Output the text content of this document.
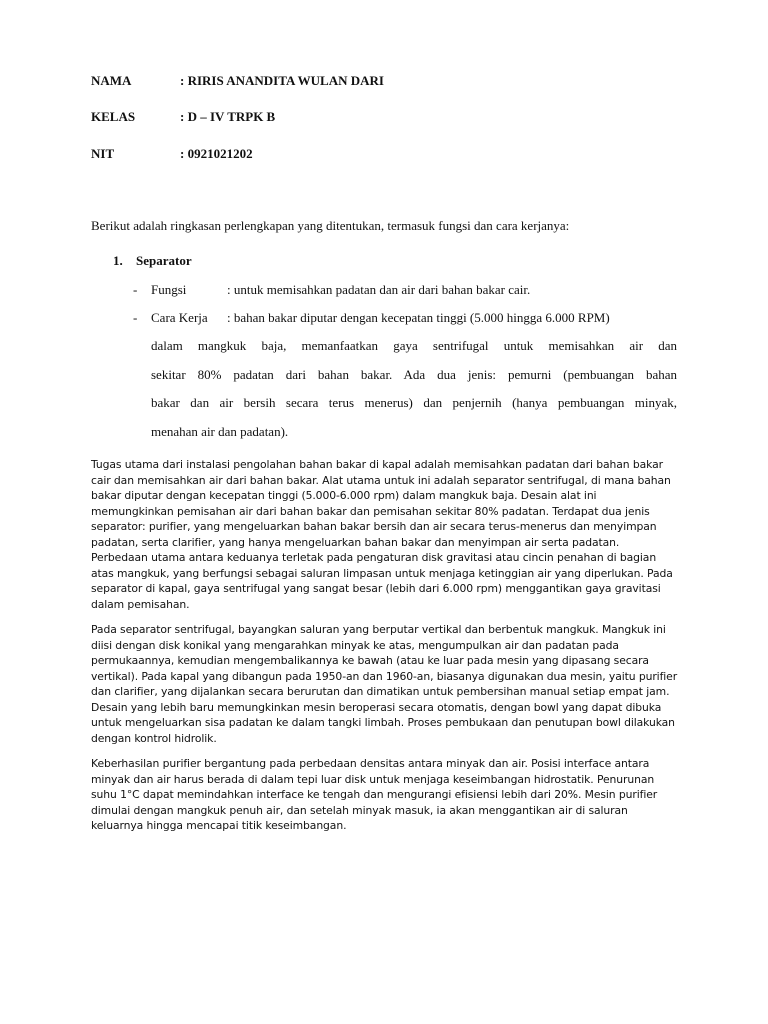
NAMA	: RIRIS ANANDITA WULAN DARI
KELAS	: D – IV TRPK B
NIT	: 0921021202
Berikut adalah ringkasan perlengkapan yang ditentukan, termasuk fungsi dan cara kerjanya:
1. Separator
- Fungsi	: untuk memisahkan padatan dan air dari bahan bakar cair.
- Cara Kerja : bahan bakar diputar dengan kecepatan tinggi (5.000 hingga 6.000 RPM)
dalam mangkuk baja, memanfaatkan gaya sentrifugal untuk memisahkan air dan
sekitar 80% padatan dari bahan bakar. Ada dua jenis: pemurni (pembuangan bahan
bakar dan air bersih secara terus menerus) dan penjernih (hanya pembuangan minyak,
menahan air dan padatan).

Tugas utama dari instalasi pengolahan bahan bakar di kapal adalah memisahkan padatan dari bahan bakar cair dan memisahkan air dari bahan bakar. Alat utama untuk ini adalah separator sentrifugal, di mana bahan bakar diputar dengan kecepatan tinggi (5.000-6.000 rpm) dalam mangkuk baja. Desain alat ini memungkinkan pemisahan air dari bahan bakar dan pemisahan sekitar 80% padatan. Terdapat dua jenis separator: purifier, yang mengeluarkan bahan bakar bersih dan air secara terus-menerus dan menyimpan padatan, serta clarifier, yang hanya mengeluarkan bahan bakar dan menyimpan air serta padatan. Perbedaan utama antara keduanya terletak pada pengaturan disk gravitasi atau cincin penahan di bagian atas mangkuk, yang berfungsi sebagai saluran limpasan untuk menjaga ketinggian air yang diperlukan. Pada separator di kapal, gaya sentrifugal yang sangat besar (lebih dari 6.000 rpm) menggantikan gaya gravitasi dalam pemisahan.

Pada separator sentrifugal, bayangkan saluran yang berputar vertikal dan berbentuk mangkuk. Mangkuk ini diisi dengan disk konikal yang mengarahkan minyak ke atas, mengumpulkan air dan padatan pada permukaannya, kemudian mengembalikannya ke bawah (atau ke luar pada mesin yang dipasang secara vertikal). Pada kapal yang dibangun pada 1950-an dan 1960-an, biasanya digunakan dua mesin, yaitu purifier dan clarifier, yang dijalankan secara berurutan dan dimatikan untuk pembersihan manual setiap empat jam. Desain yang lebih baru memungkinkan mesin beroperasi secara otomatis, dengan bowl yang dapat dibuka untuk mengeluarkan sisa padatan ke dalam tangki limbah. Proses pembukaan dan penutupan bowl dilakukan dengan kontrol hidrolik.

Keberhasilan purifier bergantung pada perbedaan densitas antara minyak dan air. Posisi interface antara minyak dan air harus berada di dalam tepi luar disk untuk menjaga keseimbangan hidrostatik. Penurunan suhu 1°C dapat memindahkan interface ke tengah dan mengurangi efisiensi lebih dari 20%. Mesin purifier dimulai dengan mangkuk penuh air, dan setelah minyak masuk, ia akan menggantikan air di saluran keluarnya hingga mencapai titik keseimbangan.
